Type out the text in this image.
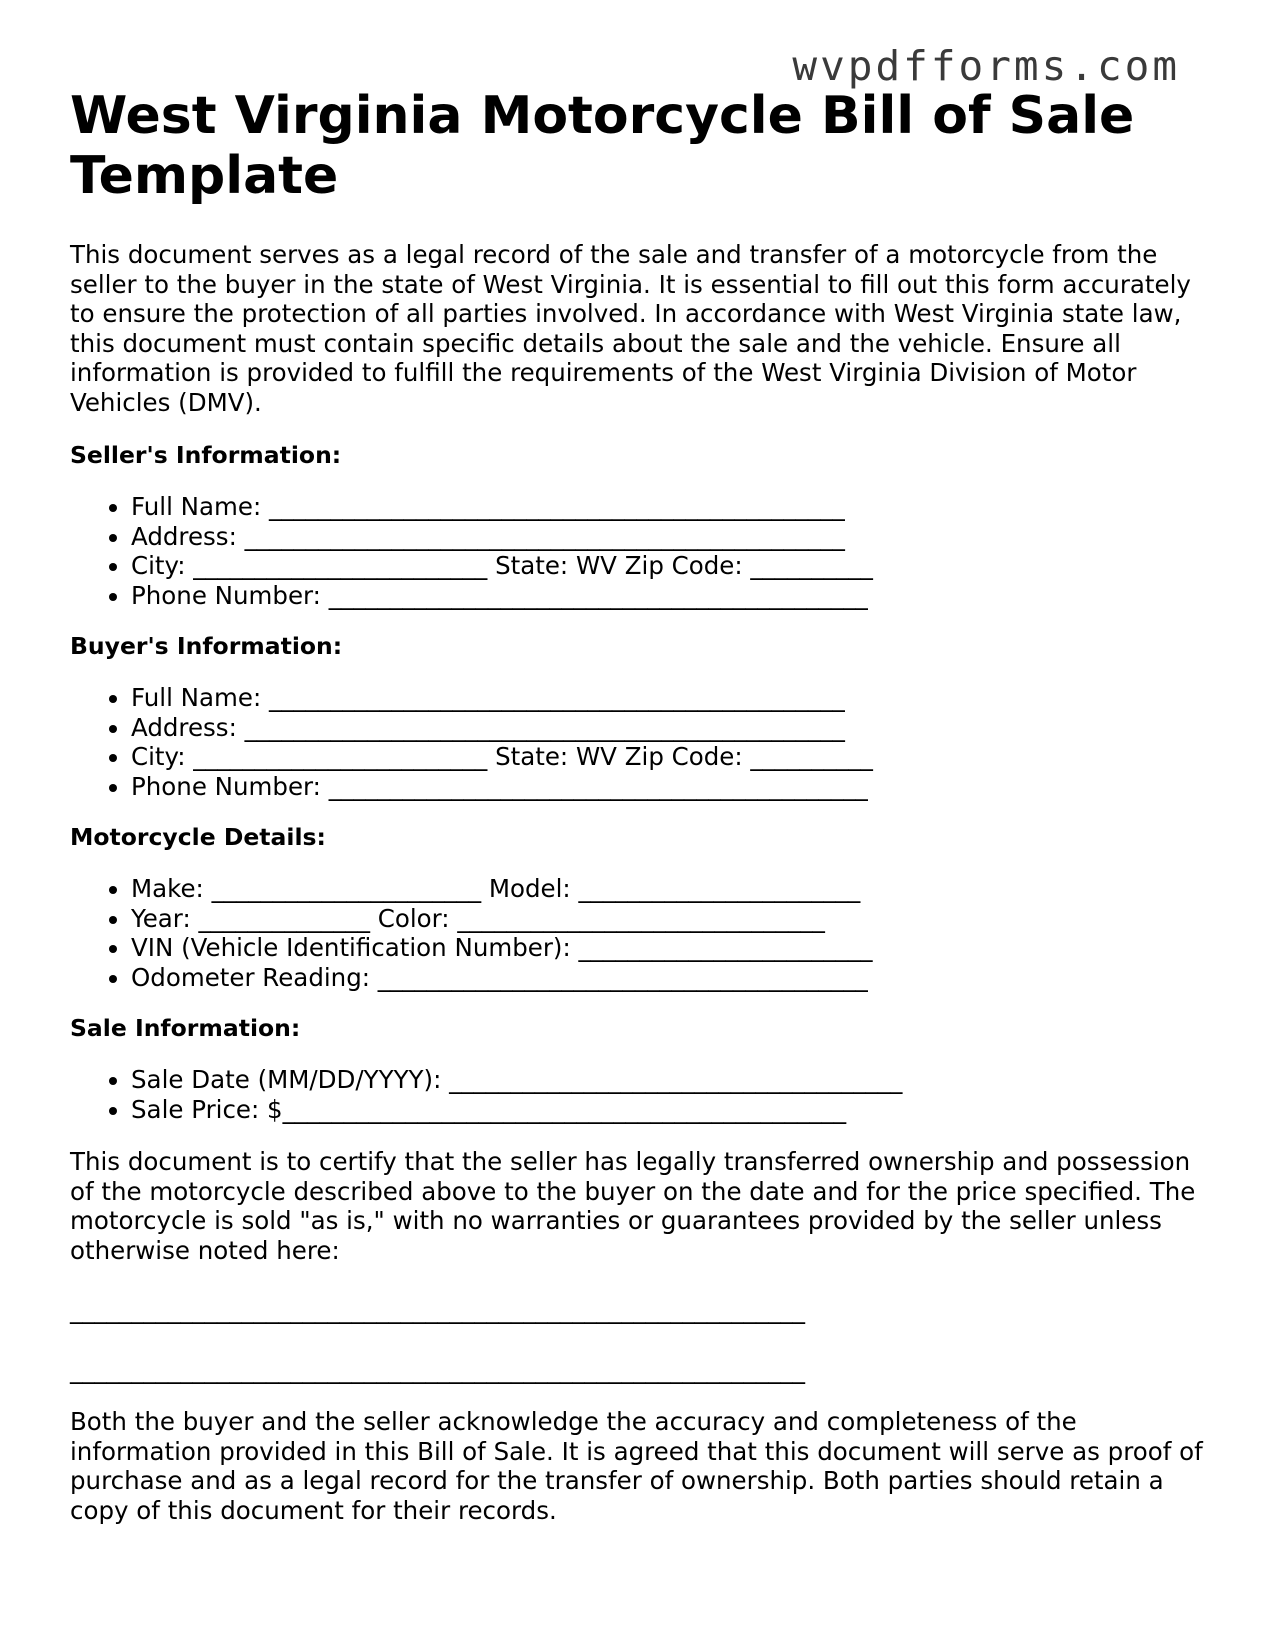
wvpdfforms.com
West Virginia Motorcycle Bill of Sale Template

This document serves as a legal record of the sale and transfer of a motorcycle from the seller to the buyer in the state of West Virginia. It is essential to fill out this form accurately to ensure the protection of all parties involved. In accordance with West Virginia state law, this document must contain specific details about the sale and the vehicle. Ensure all information is provided to fulfill the requirements of the West Virginia Division of Motor Vehicles (DMV).

Seller's Information:
• Full Name: _______________________________________________
• Address: _________________________________________________
• City: ________________________ State: WV Zip Code: __________
• Phone Number: ____________________________________________
Buyer's Information:
• Full Name: _______________________________________________
• Address: _________________________________________________
• City: ________________________ State: WV Zip Code: __________
• Phone Number: ____________________________________________
Motorcycle Details:
• Make: ______________________ Model: _______________________
• Year: ______________ Color: ______________________________
• VIN (Vehicle Identification Number): ________________________
• Odometer Reading: ________________________________________
Sale Information:
• Sale Date (MM/DD/YYYY): _____________________________________
• Sale Price: $______________________________________________

This document is to certify that the seller has legally transferred ownership and possession of the motorcycle described above to the buyer on the date and for the price specified. The motorcycle is sold "as is," with no warranties or guarantees provided by the seller unless otherwise noted here:

____________________________________________________________

____________________________________________________________

Both the buyer and the seller acknowledge the accuracy and completeness of the information provided in this Bill of Sale. It is agreed that this document will serve as proof of purchase and as a legal record for the transfer of ownership. Both parties should retain a copy of this document for their records.
